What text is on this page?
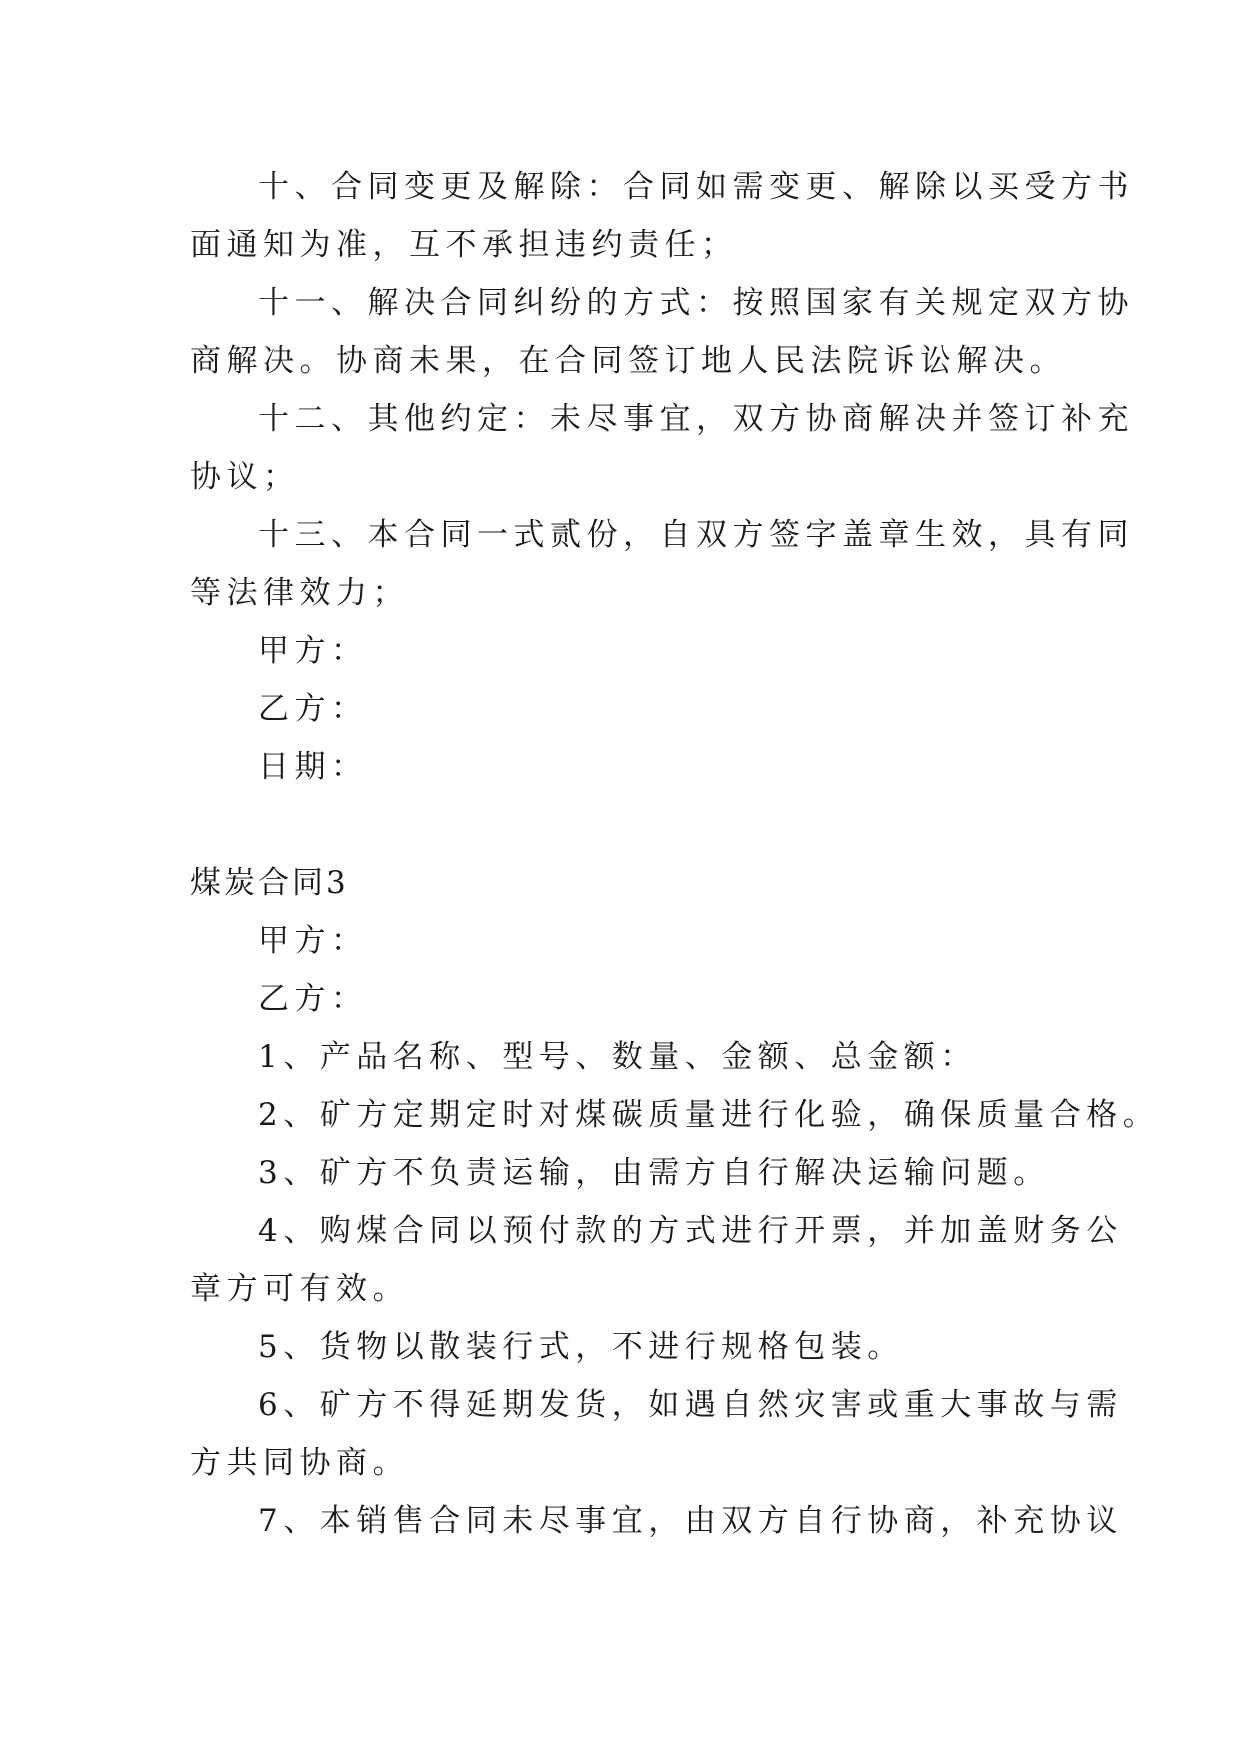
十、合同变更及解除：合同如需变更、解除以买受方书
面通知为准，互不承担违约责任；
十一、解决合同纠纷的方式：按照国家有关规定双方协
商解决。协商未果，在合同签订地人民法院诉讼解决。
十二、其他约定：未尽事宜，双方协商解决并签订补充
协议；
十三、本合同一式贰份，自双方签字盖章生效，具有同
等法律效力；
甲方：
乙方：
日期：
煤炭合同3
甲方：
乙方：
1、产品名称、型号、数量、金额、总金额：
2、矿方定期定时对煤碳质量进行化验，确保质量合格。
3、矿方不负责运输，由需方自行解决运输问题。
4、购煤合同以预付款的方式进行开票，并加盖财务公
章方可有效。
5、货物以散装行式，不进行规格包装。
6、矿方不得延期发货，如遇自然灾害或重大事故与需
方共同协商。
7、本销售合同未尽事宜，由双方自行协商，补充协议
